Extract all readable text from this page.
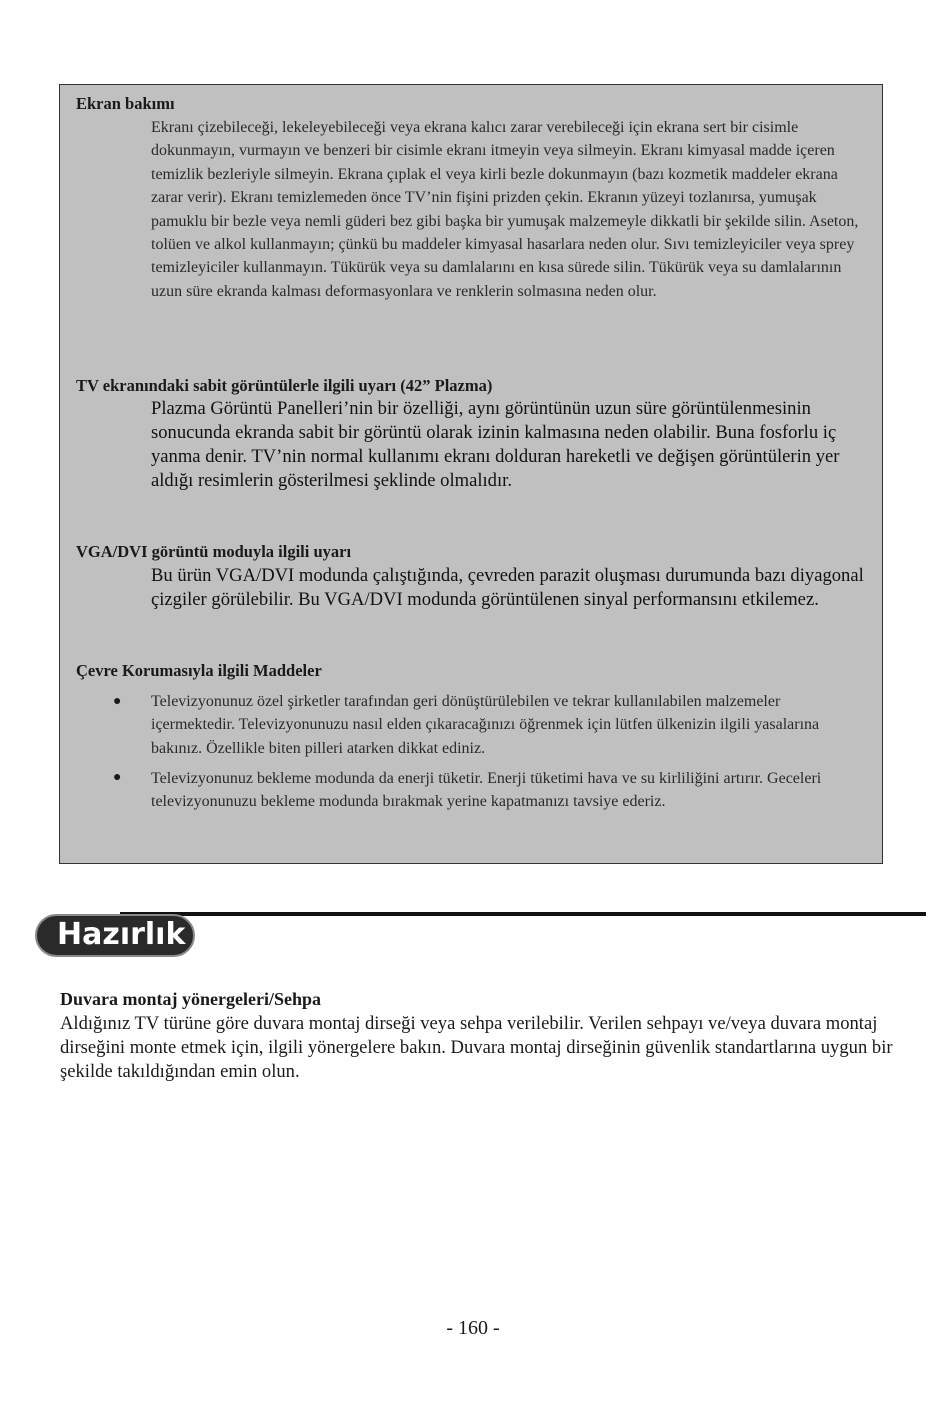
Ekran bakımı

Ekranı çizebileceği, lekeleyebileceği veya ekrana kalıcı zarar verebileceği için ekrana sert bir cisimle dokunmayın, vurmayın ve benzeri bir cisimle ekranı itmeyin veya silmeyin. Ekranı kimyasal madde içeren temizlik bezleriyle silmeyin. Ekrana çıplak el veya kirli bezle dokunmayın (bazı kozmetik maddeler ekrana zarar verir). Ekranı temizlemeden önce TV’nin fişini prizden çekin. Ekranın yüzeyi tozlanırsa, yumuşak pamuklu bir bezle veya nemli güderi bez gibi başka bir yumuşak malzemeyle dikkatli bir şekilde silin. Aseton, tolüen ve alkol kullanmayın; çünkü bu maddeler kimyasal hasarlara neden olur. Sıvı temizleyiciler veya sprey temizleyiciler kullanmayın. Tükürük veya su damlalarını en kısa sürede silin. Tükürük veya su damlalarının uzun süre ekranda kalması deformasyonlara ve renklerin solmasına neden olur.

TV ekranındaki sabit görüntülerle ilgili uyarı (42” Plazma)

Plazma Görüntü Panelleri’nin bir özelliği, aynı görüntünün uzun süre görüntülenmesinin sonucunda ekranda sabit bir görüntü olarak izinin kalmasına neden olabilir. Buna fosforlu iç yanma denir. TV’nin normal kullanımı ekranı dolduran hareketli ve değişen görüntülerin yer aldığı resimlerin gösterilmesi şeklinde olmalıdır.

VGA/DVI görüntü moduyla ilgili uyarı

Bu ürün VGA/DVI modunda çalıştığında, çevreden parazit oluşması durumunda bazı diyagonal çizgiler görülebilir. Bu VGA/DVI modunda görüntülenen sinyal performansını etkilemez.

Çevre Korumasıyla ilgili Maddeler
● Televizyonunuz özel şirketler tarafından geri dönüştürülebilen ve tekrar kullanılabilen malzemeler içermektedir. Televizyonunuzu nasıl elden çıkaracağınızı öğrenmek için lütfen ülkenizin ilgili yasalarına bakınız. Özellikle biten pilleri atarken dikkat ediniz.

● Televizyonunuz bekleme modunda da enerji tüketir. Enerji tüketimi hava ve su kirliliğini artırır. Geceleri televizyonunuzu bekleme modunda bırakmak yerine kapatmanızı tavsiye ederiz.

Hazırlık
Duvara montaj yönergeleri/Sehpa

Aldığınız TV türüne göre duvara montaj dirseği veya sehpa verilebilir. Verilen sehpayı ve/veya duvara montaj dirseğini monte etmek için, ilgili yönergelere bakın. Duvara montaj dirseğinin güvenlik standartlarına uygun bir şekilde takıldığından emin olun.

- 160 -
